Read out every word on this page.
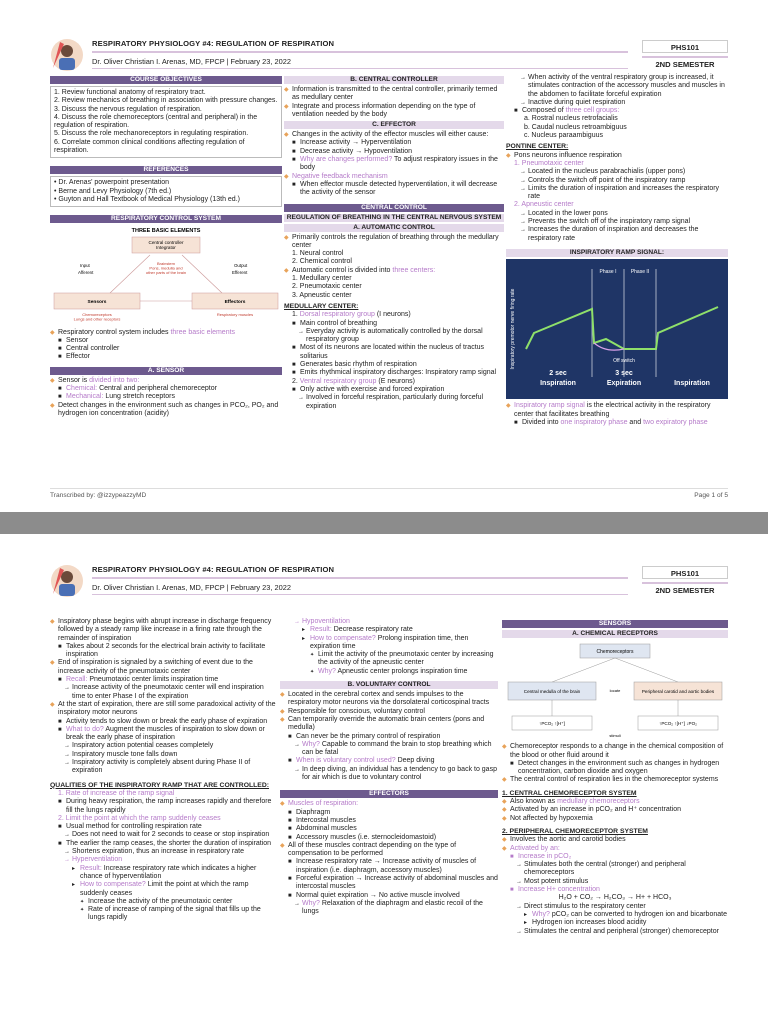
RESPIRATORY PHYSIOLOGY #4: REGULATION OF RESPIRATION
Dr. Oliver Christian I. Arenas, MD, FPCP | February 23, 2022
PHS101
2ND SEMESTER
COURSE OBJECTIVES
1. Review functional anatomy of respiratory tract.
2. Review mechanics of breathing in association with pressure changes.
3. Discuss the nervous regulation of respiration.
4. Discuss the role chemoreceptors (central and peripheral) in the regulation of respiration.
5. Discuss the role mechanoreceptors in regulating respiration.
6. Correlate common clinical conditions affecting regulation of respiration.
REFERENCES
• Dr. Arenas' powerpoint presentation
• Berne and Levy Physiology (7th ed.)
• Guyton and Hall Textbook of Medical Physiology (13th ed.)
RESPIRATORY CONTROL SYSTEM
THREE BASIC ELEMENTS
Central controller Integrator
Brainstem Pons, medulla and other parts of the brain
Input
Afferent
Output
Efferent
Sensors	Effectors
Chemoreceptors Lungs and other receptors
Respiratory muscles
◆ Respiratory control system includes three basic elements
■ Sensor
■ Central controller
■ Effector
A. SENSOR
◆ Sensor is divided into two:
■ Chemical: Central and peripheral chemoreceptor
■ Mechanical: Lung stretch receptors
◆ Detect changes in the environment such as changes in PCO₂, PO₂ and hydrogen ion concentration (acidity)
B. CENTRAL CONTROLLER
◆ Information is transmitted to the central controller, primarily termed as medullary center
◆ Integrate and process information depending on the type of ventilation needed by the body
C. EFFECTOR
◆ Changes in the activity of the effector muscles will either cause:
■ Increase activity → Hyperventilation
■ Decrease activity → Hypoventilation
■ Why are changes performed? To adjust respiratory issues in the body
◆ Negative feedback mechanism
■ When effector muscle detected hyperventilation, it will decrease the activity of the sensor
CENTRAL CONTROL
REGULATION OF BREATHING IN THE CENTRAL NERVOUS SYSTEM
A. AUTOMATIC CONTROL
◆ Primarily controls the regulation of breathing through the medullary center
1. Neural control
2. Chemical control
◆ Automatic control is divided into three centers:
1. Medullary center
2. Pneumotaxic center
3. Apneustic center
MEDULLARY CENTER:
1. Dorsal respiratory group (I neurons)
■ Main control of breathing
→ Everyday activity is automatically controlled by the dorsal respiratory group
■ Most of its neurons are located within the nucleus of tractus solitarius
■ Generates basic rhythm of respiration
■ Emits rhythmical inspiratory discharges: Inspiratory ramp signal
2. Ventral respiratory group (E neurons)
■ Only active with exercise and forced expiration
→ Involved in forceful respiration, particularly during forceful expiration
→ When activity of the ventral respiratory group is increased, it stimulates contraction of the accessory muscles and muscles in the abdomen to facilitate forceful expiration
→ Inactive during quiet respiration
■ Composed of three cell groups:
a. Rostral nucleus retrofacialis
b. Caudal nucleus retroambiguus
c. Nucleus paraambiguus
PONTINE CENTER:
◆ Pons neurons influence respiration
1. Pneumotaxic center
→ Located in the nucleus parabrachialis (upper pons)
→ Controls the switch off point of the inspiratory ramp
→ Limits the duration of inspiration and increases the respiratory rate
2. Apneustic center
→ Located in the lower pons
→ Prevents the switch off of the inspiratory ramp signal
→ Increases the duration of inspiration and decreases the respiratory rate
INSPIRATORY RAMP SIGNAL:
Inspiratory premotor nerve firing rate
Phase I	Phase II
Off switch
2 sec
Inspiration
3 sec
Expiration	Inspiration
◆ Inspiratory ramp signal is the electrical activity in the respiratory center that facilitates breathing
■ Divided into one inspiratory phase and two expiratory phase
Transcribed by: @izzypeazzyMD	Page 1 of 5
RESPIRATORY PHYSIOLOGY #4: REGULATION OF RESPIRATION
Dr. Oliver Christian I. Arenas, MD, FPCP | February 23, 2022
PHS101
2ND SEMESTER
◆ Inspiratory phase begins with abrupt increase in discharge frequency followed by a steady ramp like increase in a firing rate through the remainder of inspiration
■ Takes about 2 seconds for the electrical brain activity to facilitate inspiration
◆ End of inspiration is signaled by a switching of event due to the increase activity of the pneumotaxic center
■ Recall: Pneumotaxic center limits inspiration time
→ Increase activity of the pneumotaxic center will end inspiration time to enter Phase I of the expiration
◆ At the start of expiration, there are still some paradoxical activity of the inspiratory motor neurons
■ Activity tends to slow down or break the early phase of expiration
■ What to do? Augment the muscles of inspiration to slow down or break the early phase of inspiration
→ Inspiratory action potential ceases completely
→ Inspiratory muscle tone falls down
→ Inspiratory activity is completely absent during Phase II of expiration
QUALITIES OF THE INSPIRATORY RAMP THAT ARE CONTROLLED:
1. Rate of increase of the ramp signal
■ During heavy respiration, the ramp increases rapidly and therefore fill the lungs rapidly
2. Limit the point at which the ramp suddenly ceases
■ Usual method for controlling respiration rate
→ Does not need to wait for 2 seconds to cease or stop inspiration
■ The earlier the ramp ceases, the shorter the duration of inspiration
→ Shortens expiration, thus an increase in respiratory rate
→ Hyperventilation
▸ Result: Increase respiratory rate which indicates a higher chance of hyperventilation
▸ How to compensate? Limit the point at which the ramp suddenly ceases
✦ Increase the activity of the pneumotaxic center
✦ Rate of increase of ramping of the signal that fills up the lungs rapidly
→ Hypoventilation
▸ Result: Decrease respiratory rate
▸ How to compensate? Prolong inspiration time, then expiration time
✦ Limit the activity of the pneumotaxic center by increasing the activity of the apneustic center
✦ Why? Apneustic center prolongs inspiration time
B. VOLUNTARY CONTROL
◆ Located in the cerebral cortex and sends impulses to the respiratory motor neurons via the dorsolateral corticospinal tracts
◆ Responsible for conscious, voluntary control
◆ Can temporarily override the automatic brain centers (pons and medulla)
■ Can never be the primary control of respiration
→ Why? Capable to command the brain to stop breathing which can be fatal
■ When is voluntary control used? Deep diving
→ In deep diving, an individual has a tendency to go back to gasp for air which is due to voluntary control
EFFECTORS
◆ Muscles of respiration:
■ Diaphragm
■ Intercostal muscles
■ Abdominal muscles
■ Accessory muscles (i.e. sternocleidomastoid)
◆ All of these muscles contract depending on the type of compensation to be performed
■ Increase respiratory rate → Increase activity of muscles of inspiration (i.e. diaphragm, accessory muscles)
■ Forceful expiration → Increase activity of abdominal muscles and intercostal muscles
■ Normal quiet expiration → No active muscle involved
→ Why? Relaxation of the diaphragm and elastic recoil of the lungs
SENSORS
A. CHEMICAL RECEPTORS
Chemoreceptors
Central medulla of the brain	Peripheral carotid and aortic bodies
locate
↑PCO₂ ↑[H⁺]	↑PCO₂ ↑[H⁺] ↓PO₂
stimuli
◆ Chemoreceptor responds to a change in the chemical composition of the blood or other fluid around it
■ Detect changes in the environment such as changes in hydrogen concentration, carbon dioxide and oxygen
◆ The central control of respiration lies in the chemoreceptor systems
1. CENTRAL CHEMORECEPTOR SYSTEM
◆ Also known as medullary chemoreceptors
◆ Activated by an increase in pCO₂ and H⁺ concentration
◆ Not affected by hypoxemia
2. PERIPHERAL CHEMORECEPTOR SYSTEM
◆ Involves the aortic and carotid bodies
◆ Activated by an:
■ Increase in pCO₂
→ Stimulates both the central (stronger) and peripheral chemoreceptors
→ Most potent stimulus
■ Increase H+ concentration
H₂O + CO₂ → H₂CO₃ → H+ + HCO₃
→ Direct stimulus to the respiratory center
▸ Why? pCO₂ can be converted to hydrogen ion and bicarbonate
▸ Hydrogen ion increases blood acidity
→ Stimulates the central and peripheral (stronger) chemoreceptor
